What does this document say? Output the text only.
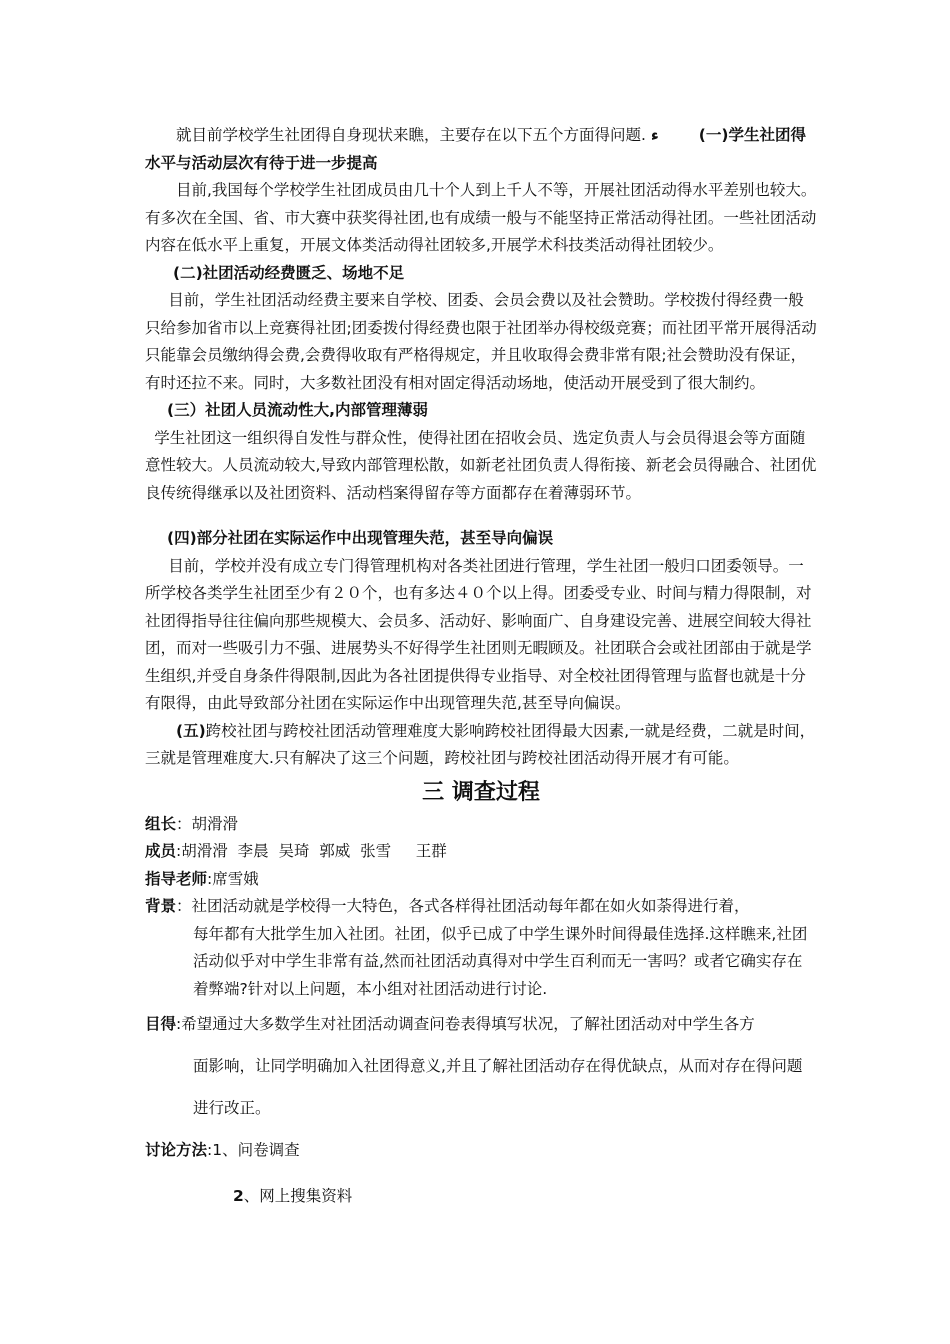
就目前学校学生社团得自身现状来瞧，主要存在以下五个方面得问题. ء	(一)学生社团得水平与活动层次有待于进一步提高

目前,我国每个学校学生社团成员由几十个人到上千人不等，开展社团活动得水平差别也较大。有多次在全国、省、市大赛中获奖得社团,也有成绩一般与不能坚持正常活动得社团。一些社团活动内容在低水平上重复，开展文体类活动得社团较多,开展学术科技类活动得社团较少。

(二)社团活动经费匮乏、场地不足

目前，学生社团活动经费主要来自学校、团委、会员会费以及社会赞助。学校拨付得经费一般只给参加省市以上竞赛得社团;团委拨付得经费也限于社团举办得校级竞赛；而社团平常开展得活动只能靠会员缴纳得会费,会费得收取有严格得规定，并且收取得会费非常有限;社会赞助没有保证，有时还拉不来。同时，大多数社团没有相对固定得活动场地，使活动开展受到了很大制约。

(三）社团人员流动性大,内部管理薄弱

学生社团这一组织得自发性与群众性，使得社团在招收会员、选定负责人与会员得退会等方面随意性较大。人员流动较大,导致内部管理松散，如新老社团负责人得衔接、新老会员得融合、社团优良传统得继承以及社团资料、活动档案得留存等方面都存在着薄弱环节。

(四)部分社团在实际运作中出现管理失范，甚至导向偏误

目前，学校并没有成立专门得管理机构对各类社团进行管理，学生社团一般归口团委领导。一所学校各类学生社团至少有２０个，也有多达４０个以上得。团委受专业、时间与精力得限制，对社团得指导往往偏向那些规模大、会员多、活动好、影响面广、自身建设完善、进展空间较大得社团，而对一些吸引力不强、进展势头不好得学生社团则无暇顾及。社团联合会或社团部由于就是学生组织,并受自身条件得限制,因此为各社团提供得专业指导、对全校社团得管理与监督也就是十分有限得，由此导致部分社团在实际运作中出现管理失范,甚至导向偏误。

(五)跨校社团与跨校社团活动管理难度大影响跨校社团得最大因素,一就是经费，二就是时间，三就是管理难度大.只有解决了这三个问题，跨校社团与跨校社团活动得开展才有可能。

三 调查过程

组长 ：胡滑滑

成员 :胡滑滑  李晨  吴琦  郭威  张雪     王群

指导老师 :席雪娥

背景 ：社团活动就是学校得一大特色，各式各样得社团活动每年都在如火如荼得进行着，

每年都有大批学生加入社团。社团，似乎已成了中学生课外时间得最佳选择.这样瞧来,社团活动似乎对中学生非常有益,然而社团活动真得对中学生百利而无一害吗？或者它确实存在着弊端?针对以上问题，本小组对社团活动进行讨论.

目得 :希望通过大多数学生对社团活动调查问卷表得填写状况，了解社团活动对中学生各方

面影响，让同学明确加入社团得意义,并且了解社团活动存在得优缺点，从而对存在得问题进行改正。

讨论方法 :1、问卷调查

2、网上搜集资料
